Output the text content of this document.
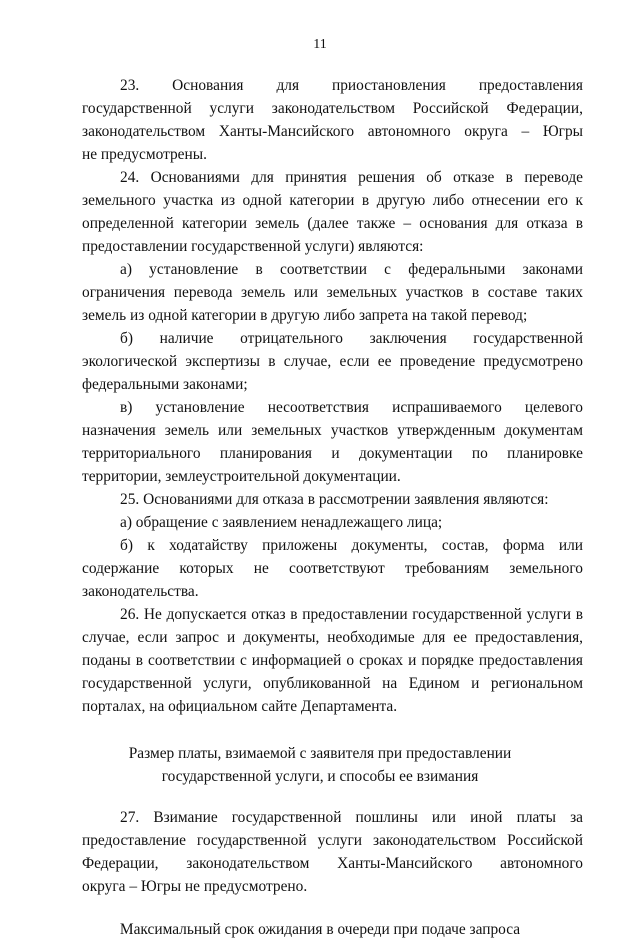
11
23.      Основания      для      приостановления      предоставления
государственной услуги законодательством Российской Федерации,
законодательством Ханты-Мансийского автономного округа – Югры
не предусмотрены.
24. Основаниями для принятия решения об отказе в переводе
земельного участка из одной категории в другую либо отнесении его к
определенной категории земель (далее также – основания для отказа в
предоставлении государственной услуги) являются:
а) установление в соответствии с федеральными законами
ограничения перевода земель или земельных участков в составе таких
земель из одной категории в другую либо запрета на такой перевод;
б)     наличие     отрицательного     заключения     государственной
экологической экспертизы в случае, если ее проведение предусмотрено
федеральными законами;
в)    установление    несоответствия    испрашиваемого    целевого
назначения земель или земельных участков утвержденным документам
территориального планирования и документации по планировке
территории, землеустроительной документации.
25. Основаниями для отказа в рассмотрении заявления являются:
а) обращение с заявлением ненадлежащего лица;
б) к ходатайству приложены документы, состав, форма или
содержание которых не соответствуют требованиям земельного
законодательства.
26. Не допускается отказ в предоставлении государственной услуги в
случае, если запрос и документы, необходимые для ее предоставления,
поданы в соответствии с информацией о сроках и порядке предоставления
государственной услуги, опубликованной на Едином и региональном
порталах, на официальном сайте Департамента.
Размер платы, взимаемой с заявителя при предоставлении
государственной услуги, и способы ее взимания
27. Взимание государственной пошлины или иной платы за
предоставление государственной услуги законодательством Российской
Федерации, законодательством Ханты-Мансийского автономного
округа – Югры не предусмотрено.
Максимальный срок ожидания в очереди при подаче запроса
